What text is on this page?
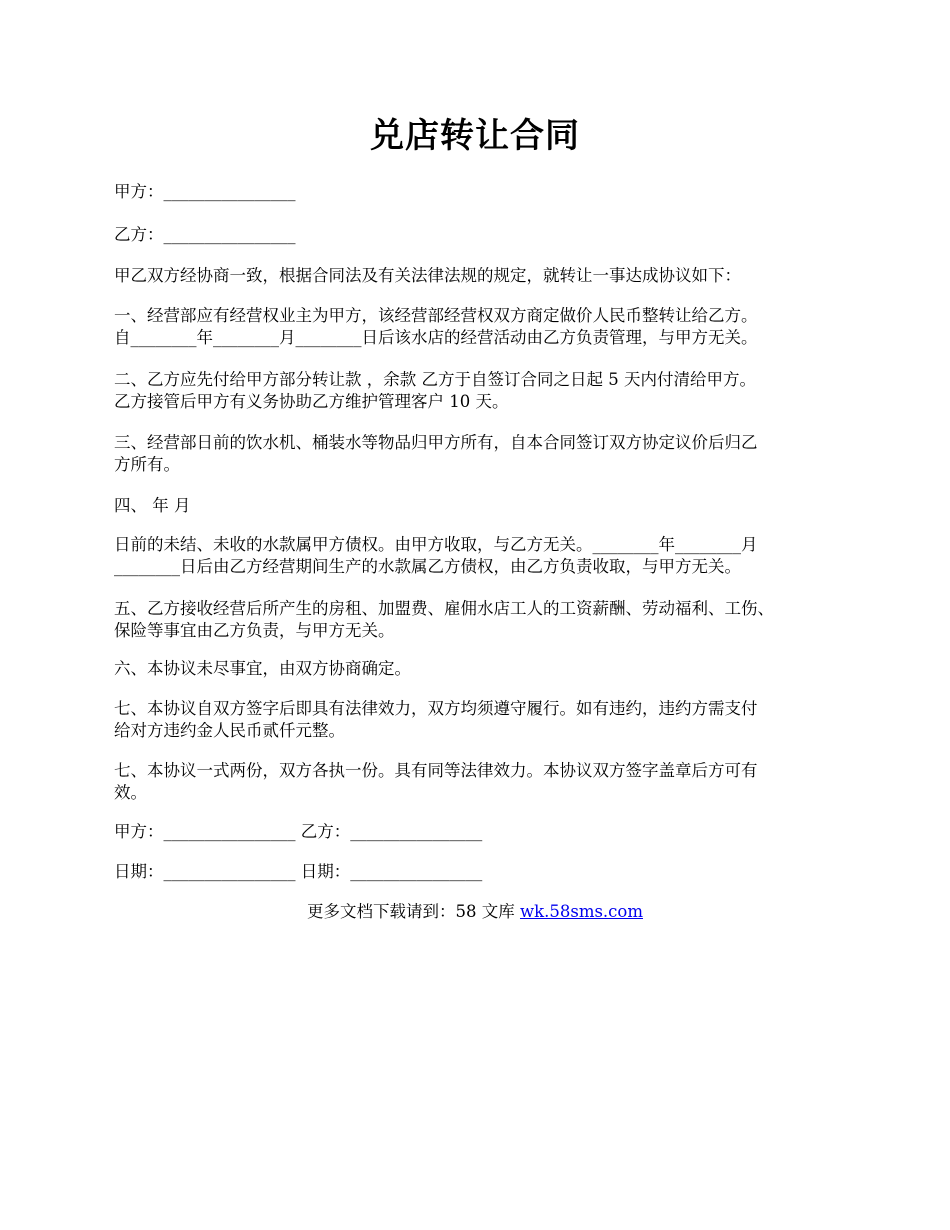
兑店转让合同
甲方：________________
乙方：________________
甲乙双方经协商一致，根据合同法及有关法律法规的规定，就转让一事达成协议如下：
一、经营部应有经营权业主为甲方，该经营部经营权双方商定做价人民币整转让给乙方。
自________年________月________日后该水店的经营活动由乙方负责管理，与甲方无关。
二、乙方应先付给甲方部分转让款 ，余款 乙方于自签订合同之日起 5 天内付清给甲方。
乙方接管后甲方有义务协助乙方维护管理客户 10 天。
三、经营部日前的饮水机、桶装水等物品归甲方所有，自本合同签订双方协定议价后归乙
方所有。
四、 年 月
日前的未结、未收的水款属甲方债权。由甲方收取，与乙方无关。________年________月
________日后由乙方经营期间生产的水款属乙方债权，由乙方负责收取，与甲方无关。
五、乙方接收经营后所产生的房租、加盟费、雇佣水店工人的工资薪酬、劳动福利、工伤、
保险等事宜由乙方负责，与甲方无关。
六、本协议未尽事宜，由双方协商确定。
七、本协议自双方签字后即具有法律效力，双方均须遵守履行。如有违约，违约方需支付
给对方违约金人民币贰仟元整。
七、本协议一式两份，双方各执一份。具有同等法律效力。本协议双方签字盖章后方可有
效。
甲方：________________ 乙方：________________
日期：________________ 日期：________________
更多文档下载请到：58 文库 wk.58sms.com
